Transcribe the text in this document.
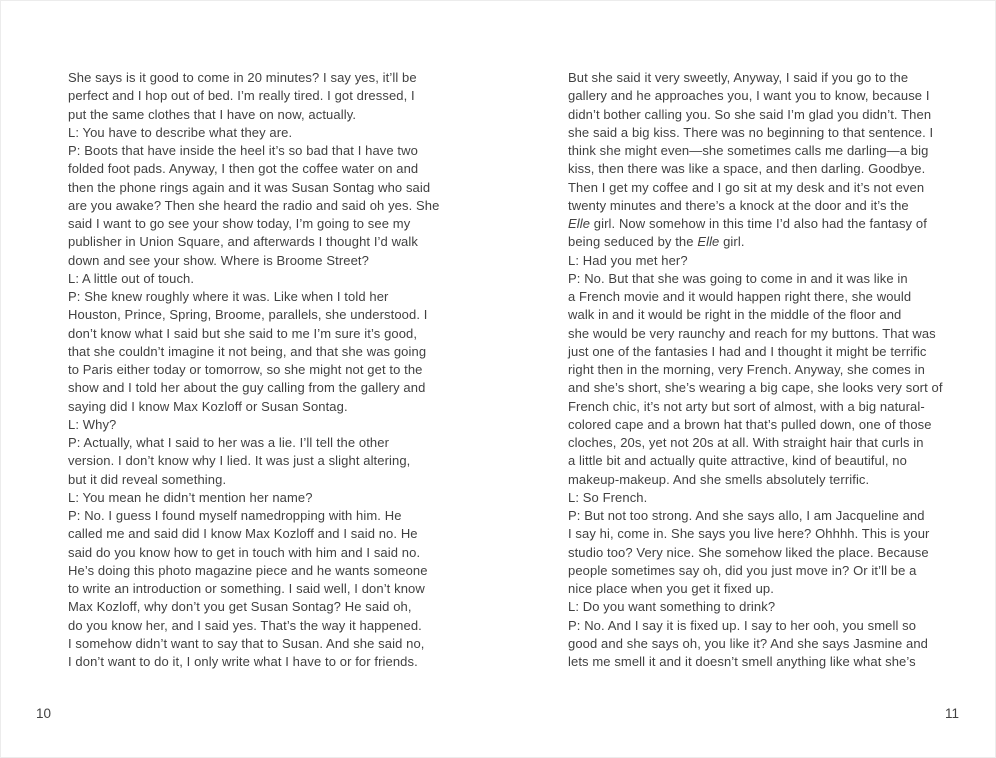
She says is it good to come in 20 minutes? I say yes, it’ll be
perfect and I hop out of bed. I’m really tired. I got dressed, I
put the same clothes that I have on now, actually.
L: You have to describe what they are.
P: Boots that have inside the heel it’s so bad that I have two
folded foot pads. Anyway, I then got the coffee water on and
then the phone rings again and it was Susan Sontag who said
are you awake? Then she heard the radio and said oh yes. She
said I want to go see your show today, I’m going to see my
publisher in Union Square, and afterwards I thought I’d walk
down and see your show. Where is Broome Street?
L: A little out of touch.
P: She knew roughly where it was. Like when I told her
Houston, Prince, Spring, Broome, parallels, she understood. I
don’t know what I said but she said to me I’m sure it’s good,
that she couldn’t imagine it not being, and that she was going
to Paris either today or tomorrow, so she might not get to the
show and I told her about the guy calling from the gallery and
saying did I know Max Kozloff or Susan Sontag.
L: Why?
P: Actually, what I said to her was a lie. I’ll tell the other
version. I don’t know why I lied. It was just a slight altering,
but it did reveal something.
L: You mean he didn’t mention her name?
P: No. I guess I found myself namedropping with him. He
called me and said did I know Max Kozloff and I said no. He
said do you know how to get in touch with him and I said no.
He’s doing this photo magazine piece and he wants someone
to write an introduction or something. I said well, I don’t know
Max Kozloff, why don’t you get Susan Sontag? He said oh,
do you know her, and I said yes. That’s the way it happened.
I somehow didn’t want to say that to Susan. And she said no,
I don’t want to do it, I only write what I have to or for friends.
10
But she said it very sweetly, Anyway, I said if you go to the
gallery and he approaches you, I want you to know, because I
didn’t bother calling you. So she said I’m glad you didn’t. Then
she said a big kiss. There was no beginning to that sentence. I
think she might even—she sometimes calls me darling—a big
kiss, then there was like a space, and then darling. Goodbye.
Then I get my coffee and I go sit at my desk and it’s not even
twenty minutes and there’s a knock at the door and it’s the
Elle girl. Now somehow in this time I’d also had the fantasy of
being seduced by the Elle girl.
L: Had you met her?
P: No. But that she was going to come in and it was like in
a French movie and it would happen right there, she would
walk in and it would be right in the middle of the floor and
she would be very raunchy and reach for my buttons. That was
just one of the fantasies I had and I thought it might be terrific
right then in the morning, very French. Anyway, she comes in
and she’s short, she’s wearing a big cape, she looks very sort of
French chic, it’s not arty but sort of almost, with a big natural-
colored cape and a brown hat that’s pulled down, one of those
cloches, 20s, yet not 20s at all. With straight hair that curls in
a little bit and actually quite attractive, kind of beautiful, no
makeup-makeup. And she smells absolutely terrific.
L: So French.
P: But not too strong. And she says allo, I am Jacqueline and
I say hi, come in. She says you live here? Ohhhh. This is your
studio too? Very nice. She somehow liked the place. Because
people sometimes say oh, did you just move in? Or it’ll be a
nice place when you get it fixed up.
L: Do you want something to drink?
P: No. And I say it is fixed up. I say to her ooh, you smell so
good and she says oh, you like it? And she says Jasmine and
lets me smell it and it doesn’t smell anything like what she’s
11
